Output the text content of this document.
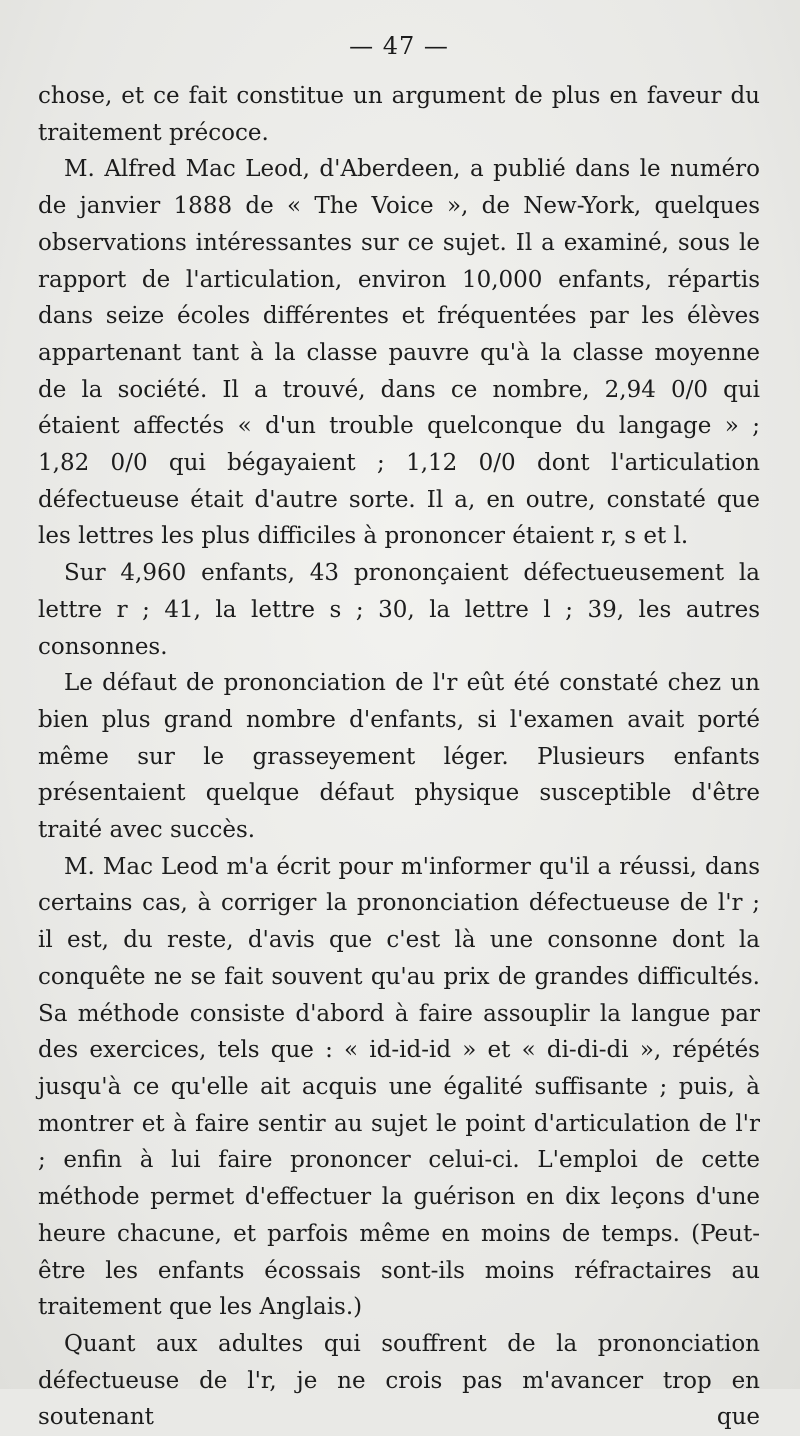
— 47 —

chose, et ce fait constitue un argument de plus en faveur du traitement précoce.

M. Alfred Mac Leod, d'Aberdeen, a publié dans le numéro de janvier 1888 de « The Voice », de New-York, quelques observations intéressantes sur ce sujet. Il a examiné, sous le rapport de l'articulation, environ 10,000 enfants, répartis dans seize écoles différentes et fréquentées par les élèves appartenant tant à la classe pauvre qu'à la classe moyenne de la société. Il a trouvé, dans ce nombre, 2,94 0/0 qui étaient affectés « d'un trouble quelconque du langage » ; 1,82 0/0 qui bégayaient ; 1,12 0/0 dont l'articulation défectueuse était d'autre sorte. Il a, en outre, constaté que les lettres les plus difficiles à prononcer étaient r, s et l.

Sur 4,960 enfants, 43 prononçaient défectueusement la lettre r ; 41, la lettre s ; 30, la lettre l ; 39, les autres consonnes.

Le défaut de prononciation de l'r eût été constaté chez un bien plus grand nombre d'enfants, si l'examen avait porté même sur le grasseyement léger. Plusieurs enfants présentaient quelque défaut physique susceptible d'être traité avec succès.

M. Mac Leod m'a écrit pour m'informer qu'il a réussi, dans certains cas, à corriger la prononciation défectueuse de l'r ; il est, du reste, d'avis que c'est là une consonne dont la conquête ne se fait souvent qu'au prix de grandes difficultés. Sa méthode consiste d'abord à faire assouplir la langue par des exercices, tels que : « id-id-id » et « di-di-di », répétés jusqu'à ce qu'elle ait acquis une égalité suffisante ; puis, à montrer et à faire sentir au sujet le point d'articulation de l'r ; enfin à lui faire prononcer celui-ci. L'emploi de cette méthode permet d'effectuer la guérison en dix leçons d'une heure chacune, et parfois même en moins de temps. (Peut-être les enfants écossais sont-ils moins réfractaires au traitement que les Anglais.)

Quant aux adultes qui souffrent de la prononciation défectueuse de l'r, je ne crois pas m'avancer trop en soutenant que
